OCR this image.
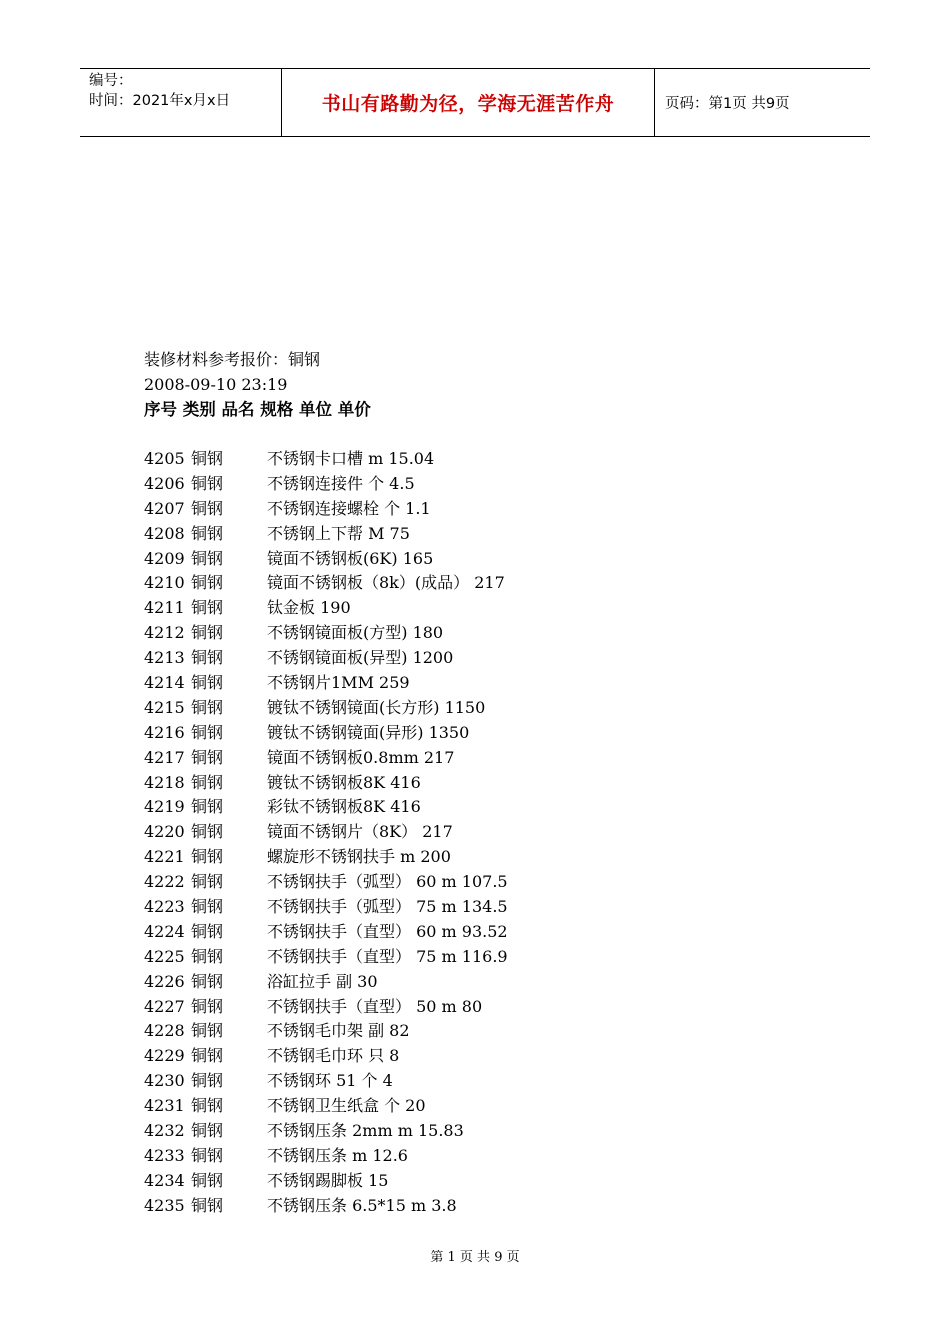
编号：
时间：2021年x月x日	书山有路勤为径，学海无涯苦作舟	页码：第1页 共9页
装修材料参考报价：铜钢
2008-09-10 23:19
序号 类别 品名 规格 单位 单价
4205 铜钢	不锈钢卡口槽 m 15.04
4206 铜钢	不锈钢连接件 个 4.5
4207 铜钢	不锈钢连接螺栓 个 1.1
4208 铜钢	不锈钢上下帮 M 75
4209 铜钢	镜面不锈钢板(6K) 165
4210 铜钢	镜面不锈钢板（8k）(成品） 217
4211 铜钢	钛金板 190
4212 铜钢	不锈钢镜面板(方型) 180
4213 铜钢	不锈钢镜面板(异型) 1200
4214 铜钢	不锈钢片1MM 259
4215 铜钢	镀钛不锈钢镜面(长方形) 1150
4216 铜钢	镀钛不锈钢镜面(异形) 1350
4217 铜钢	镜面不锈钢板0.8mm 217
4218 铜钢	镀钛不锈钢板8K 416
4219 铜钢	彩钛不锈钢板8K 416
4220 铜钢	镜面不锈钢片（8K） 217
4221 铜钢	螺旋形不锈钢扶手 m 200
4222 铜钢	不锈钢扶手（弧型） 60 m 107.5
4223 铜钢	不锈钢扶手（弧型） 75 m 134.5
4224 铜钢	不锈钢扶手（直型） 60 m 93.52
4225 铜钢	不锈钢扶手（直型） 75 m 116.9
4226 铜钢	浴缸拉手 副 30
4227 铜钢	不锈钢扶手（直型） 50 m 80
4228 铜钢	不锈钢毛巾架 副 82
4229 铜钢	不锈钢毛巾环 只 8
4230 铜钢	不锈钢环 51 个 4
4231 铜钢	不锈钢卫生纸盒 个 20
4232 铜钢	不锈钢压条 2mm m 15.83
4233 铜钢	不锈钢压条 m 12.6
4234 铜钢	不锈钢踢脚板 15
4235 铜钢	不锈钢压条 6.5*15 m 3.8
第 1 页 共 9 页
